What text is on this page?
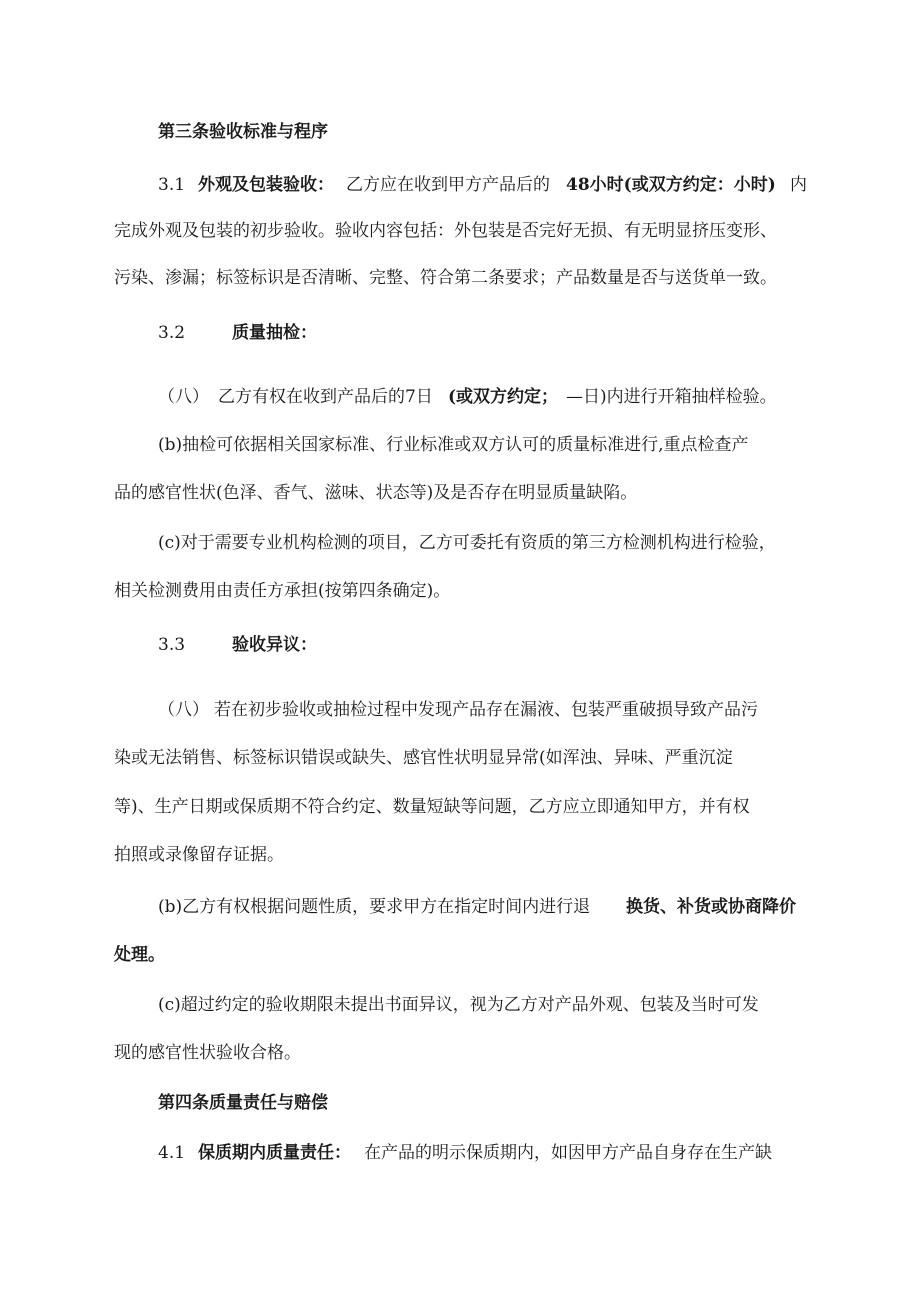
第三条验收标准与程序
3.1 外观及包装验收： 乙方应在收到甲方产品后的 48小时(或双方约定：小时) 内
完成外观及包装的初步验收。验收内容包括：外包装是否完好无损、有无明显挤压变形、
污染、渗漏；标签标识是否清晰、完整、符合第二条要求；产品数量是否与送货单一致。
3.2	质量抽检：
（八） 乙方有权在收到产品后的7日 (或双方约定； —日)内进行开箱抽样检验。
(b)抽检可依据相关国家标准、行业标准或双方认可的质量标准进行,重点检查产
品的感官性状(色泽、香气、滋味、状态等)及是否存在明显质量缺陷。
(c)对于需要专业机构检测的项目，乙方可委托有资质的第三方检测机构进行检验，
相关检测费用由责任方承担(按第四条确定)。
3.3	验收异议：
（八） 若在初步验收或抽检过程中发现产品存在漏液、包装严重破损导致产品污
染或无法销售、标签标识错误或缺失、感官性状明显异常(如浑浊、异味、严重沉淀
等)、生产日期或保质期不符合约定、数量短缺等问题，乙方应立即通知甲方，并有权
拍照或录像留存证据。
(b)乙方有权根据问题性质，要求甲方在指定时间内进行退 换货、补货或协商降价
处理。
(c)超过约定的验收期限未提出书面异议，视为乙方对产品外观、包装及当时可发
现的感官性状验收合格。
第四条质量责任与赔偿
4.1 保质期内质量责任： 在产品的明示保质期内，如因甲方产品自身存在生产缺
